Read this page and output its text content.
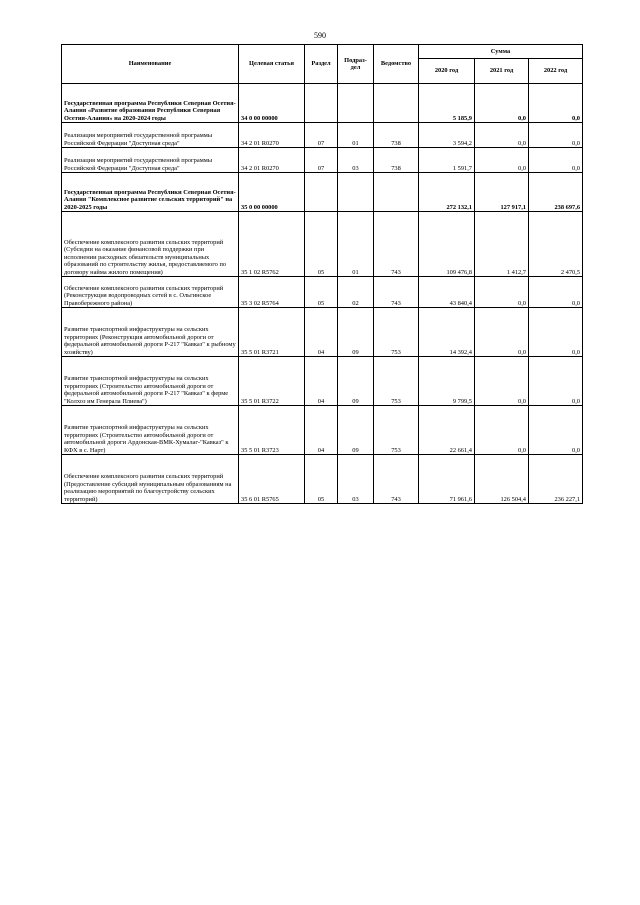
590
Наименование	Целевая статья	Раздел	Подраз-дел	Ведомство	Сумма		
					2020 год	2021 год	2022 год
Государственная программа Республики Северная Осетия-Алания «Развитие образования Республики Северная Осетия-Алания» на 2020-2024 годы	34 0 00 00000				5 185,9	0,0	0,0
Реализация мероприятий государственной программы Российской Федерации "Доступная среда"	34 2 01 R0270	07	01	738	3 594,2	0,0	0,0
Реализация мероприятий государственной программы Российской Федерации "Доступная среда"	34 2 01 R0270	07	03	738	1 591,7	0,0	0,0
Государственная программа Республики Северная Осетия-Алания "Комплексное развитие сельских территорий" на 2020-2025 годы	35 0 00 00000				272 132,1	127 917,1	238 697,6
Обеспечение комплексного развития сельских территорий (Субсидии на оказание финансовой поддержки при исполнении расходных обязательств муниципальных образований по строительству жилья, предоставляемого по договору найма жилого помещения)	35 1 02 R5762	05	01	743	109 476,8	1 412,7	2 470,5
Обеспечение комплексного развития сельских территорий (Реконструкция водопроводных сетей в с. Ольгинское Правобережного района)	35 3 02 R5764	05	02	743	43 840,4	0,0	0,0
Развитие транспортной инфраструктуры на сельских территориях (Реконструкция автомобильной дороги от федеральной автомобильной дороги Р-217 "Кавказ" к рыбному хозяйству)	35 5 01 R3721	04	09	753	14 392,4	0,0	0,0
Развитие транспортной инфраструктуры на сельских территориях (Строительство автомобильной дороги от федеральной автомобильной дороги Р-217 "Кавказ" к ферме "Колхоз им Генерала Плиева")	35 5 01 R3722	04	09	753	9 799,5	0,0	0,0
Развитие транспортной инфраструктуры на сельских территориях (Строительство автомобильной дороги от автомобильной дороги Ардонская-ВМК-Хумалаг-"Кавказ" к КФХ в с. Нарт)	35 5 01 R3723	04	09	753	22 661,4	0,0	0,0
Обеспечение комплексного развития сельских территорий (Предоставление субсидий муниципальным образованиям на реализацию мероприятий по благоустройству сельских территорий)	35 6 01 R5765	05	03	743	71 961,6	126 504,4	236 227,1
